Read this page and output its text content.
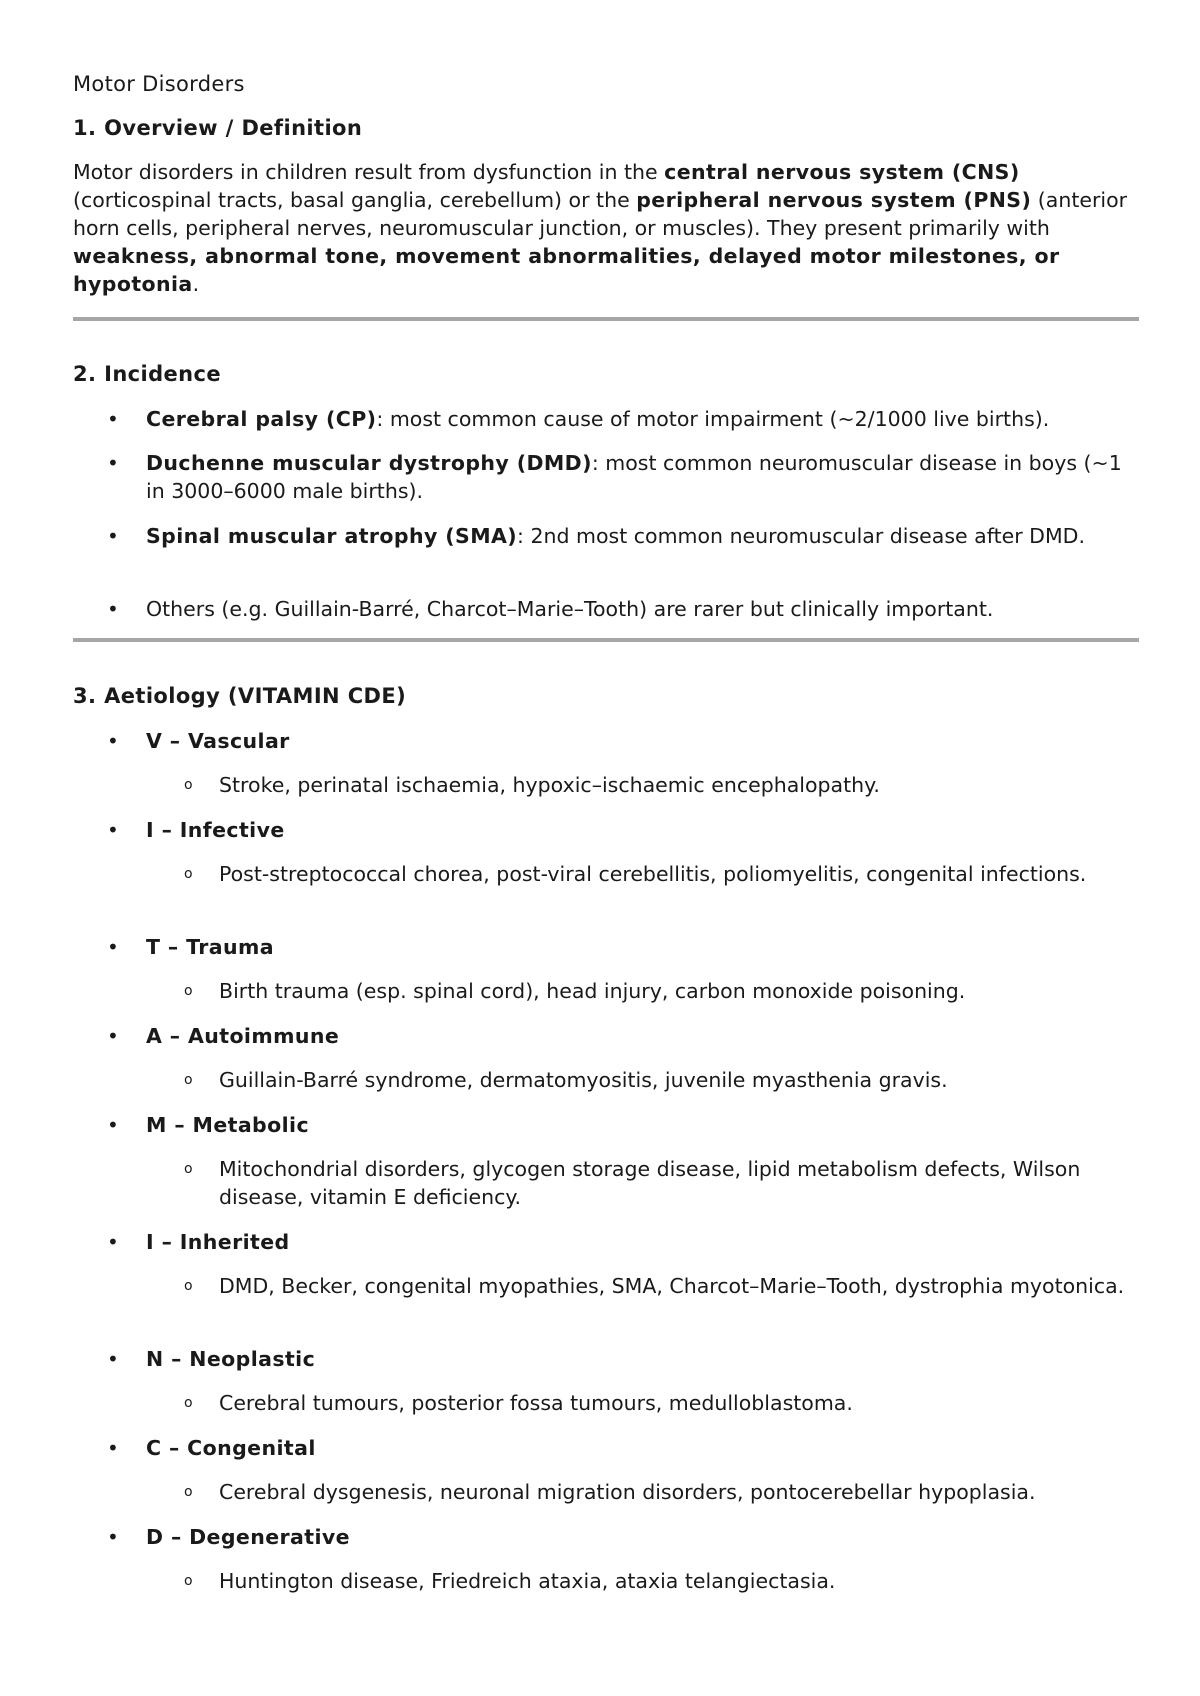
Motor Disorders
1. Overview / Definition
Motor disorders in children result from dysfunction in the central nervous system (CNS) (corticospinal tracts, basal ganglia, cerebellum) or the peripheral nervous system (PNS) (anterior horn cells, peripheral nerves, neuromuscular junction, or muscles). They present primarily with weakness, abnormal tone, movement abnormalities, delayed motor milestones, or hypotonia.
2. Incidence
• Cerebral palsy (CP): most common cause of motor impairment (~2/1000 live births).
• Duchenne muscular dystrophy (DMD): most common neuromuscular disease in boys (~1 in 3000–6000 male births).
• Spinal muscular atrophy (SMA): 2nd most common neuromuscular disease after DMD.
• Others (e.g. Guillain-Barré, Charcot–Marie–Tooth) are rarer but clinically important.
3. Aetiology (VITAMIN CDE)
• V – Vascular
o Stroke, perinatal ischaemia, hypoxic–ischaemic encephalopathy.
• I – Infective
o Post-streptococcal chorea, post-viral cerebellitis, poliomyelitis, congenital infections.
• T – Trauma
o Birth trauma (esp. spinal cord), head injury, carbon monoxide poisoning.
• A – Autoimmune
o Guillain-Barré syndrome, dermatomyositis, juvenile myasthenia gravis.
• M – Metabolic
o Mitochondrial disorders, glycogen storage disease, lipid metabolism defects, Wilson disease, vitamin E deficiency.
• I – Inherited
o DMD, Becker, congenital myopathies, SMA, Charcot–Marie–Tooth, dystrophia myotonica.
• N – Neoplastic
o Cerebral tumours, posterior fossa tumours, medulloblastoma.
• C – Congenital
o Cerebral dysgenesis, neuronal migration disorders, pontocerebellar hypoplasia.
• D – Degenerative
o Huntington disease, Friedreich ataxia, ataxia telangiectasia.
